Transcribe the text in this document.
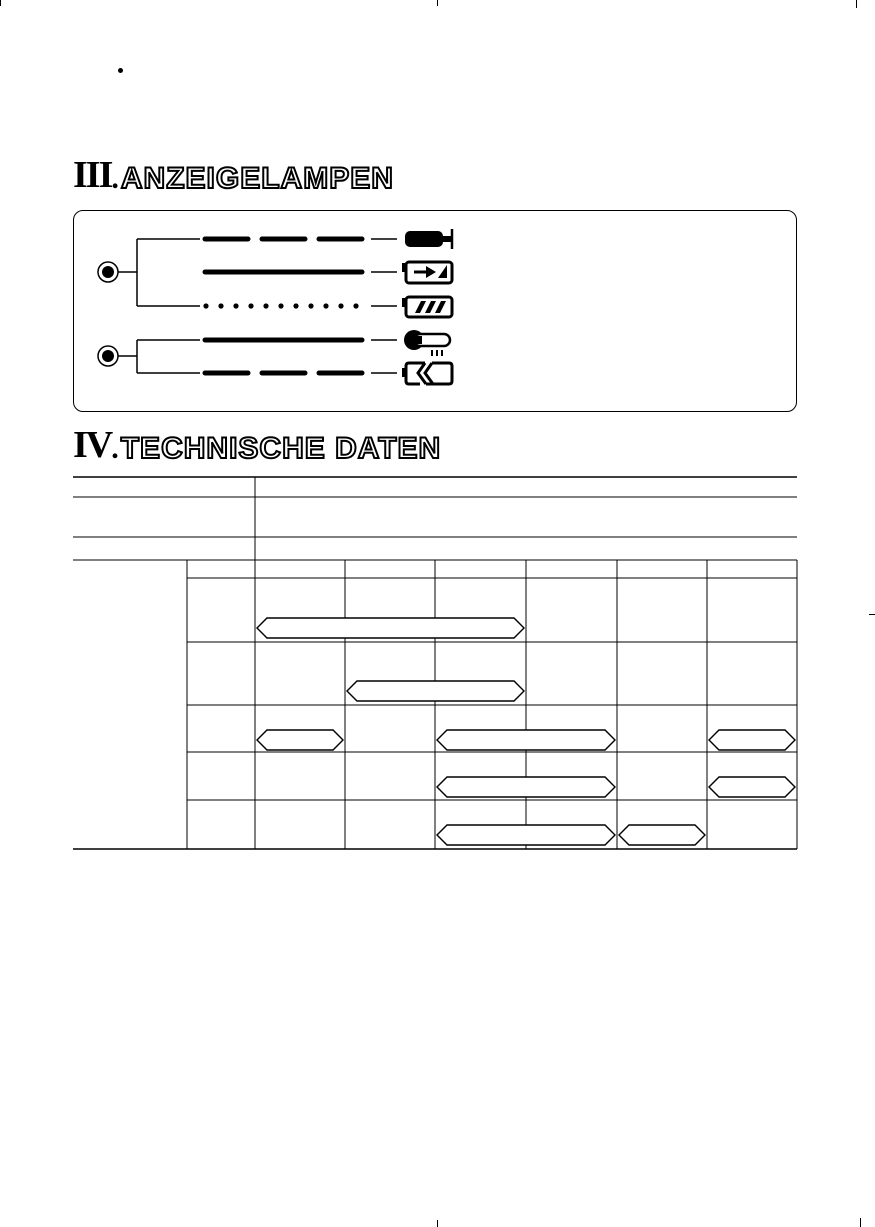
III . ANZEIGELAMPEN
IV . TECHNISCHE DATEN
